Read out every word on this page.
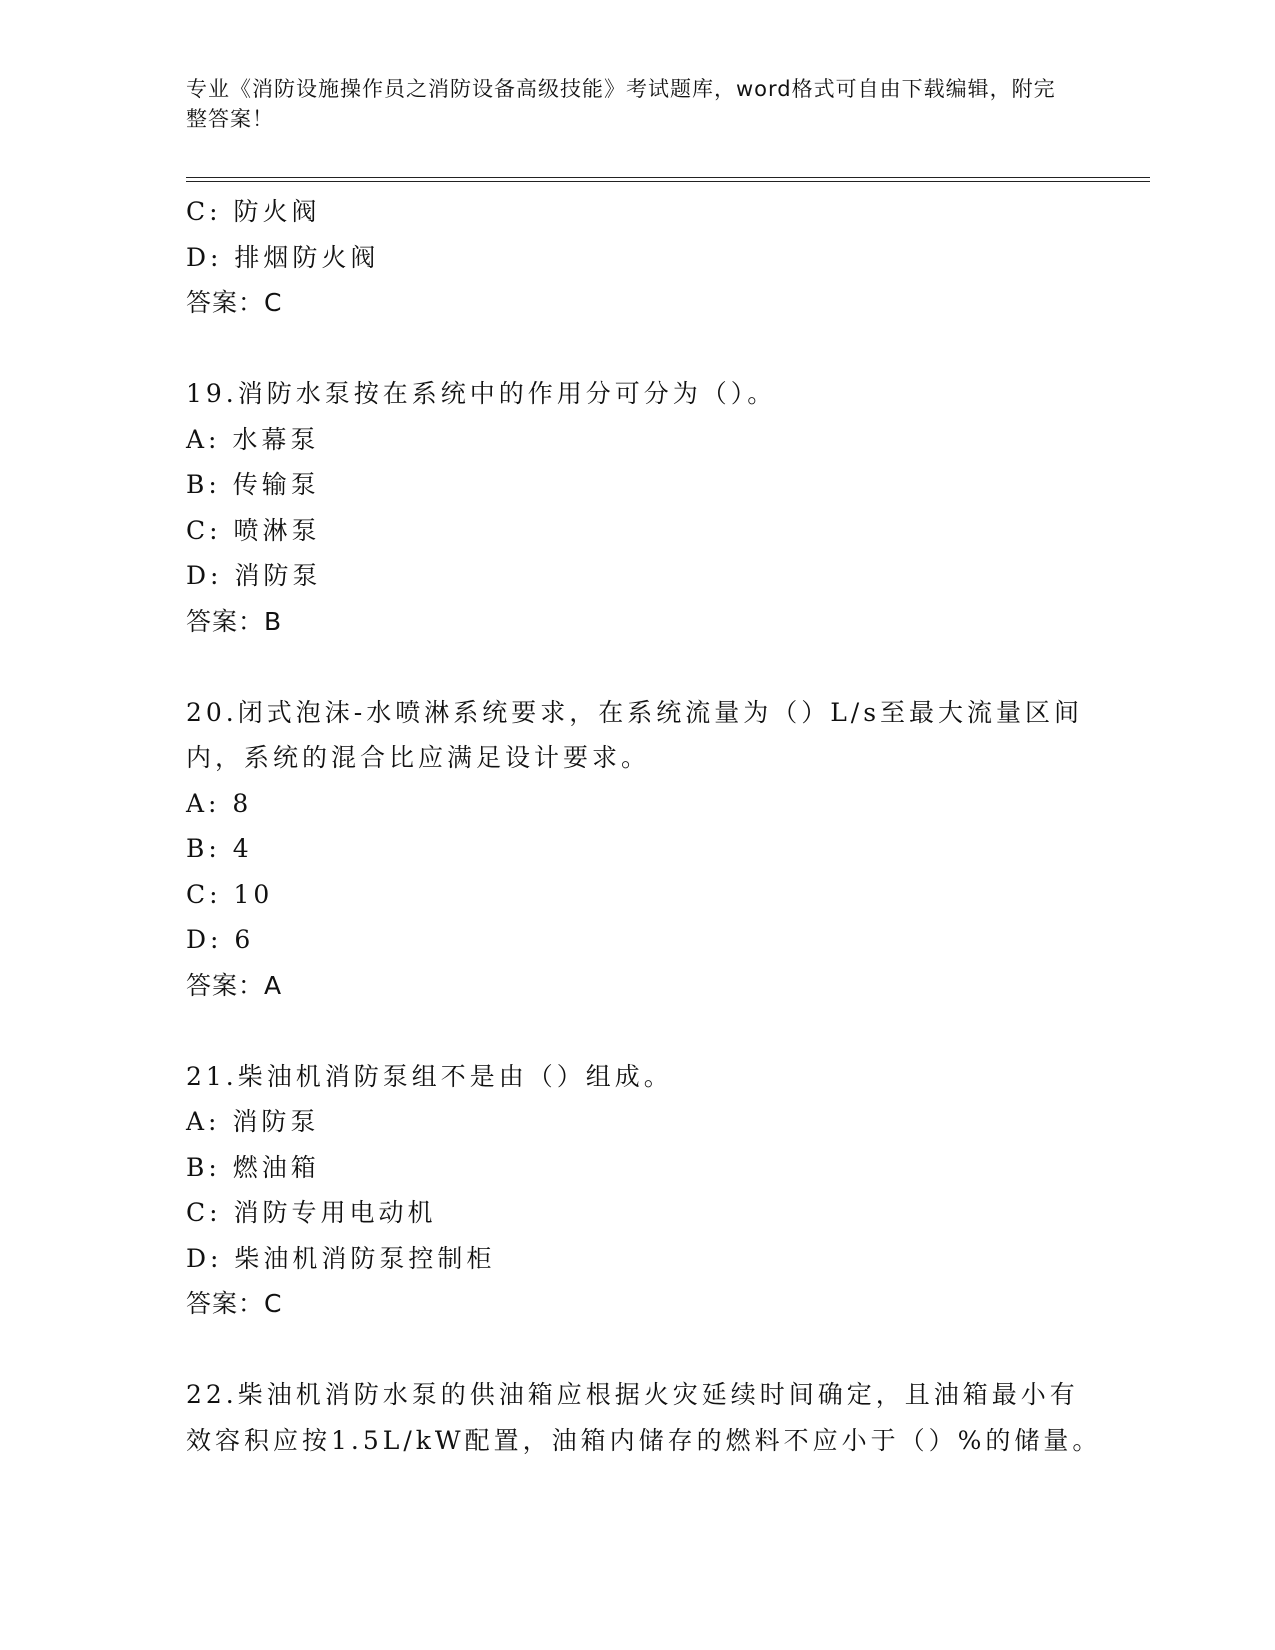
专业《消防设施操作员之消防设备高级技能》考试题库，word格式可自由下载编辑，附完整答案！
C: 防火阀
D: 排烟防火阀
答案：C
19.消防水泵按在系统中的作用分可分为（）。
A: 水幕泵
B: 传输泵
C: 喷淋泵
D: 消防泵
答案：B
20.闭式泡沫-水喷淋系统要求，在系统流量为（）L/s至最大流量区间
内，系统的混合比应满足设计要求。
A: 8
B: 4
C: 10
D: 6
答案：A
21.柴油机消防泵组不是由（）组成。
A: 消防泵
B: 燃油箱
C: 消防专用电动机
D: 柴油机消防泵控制柜
答案：C
22.柴油机消防水泵的供油箱应根据火灾延续时间确定，且油箱最小有
效容积应按1.5L/kW配置，油箱内储存的燃料不应小于（）%的储量。
